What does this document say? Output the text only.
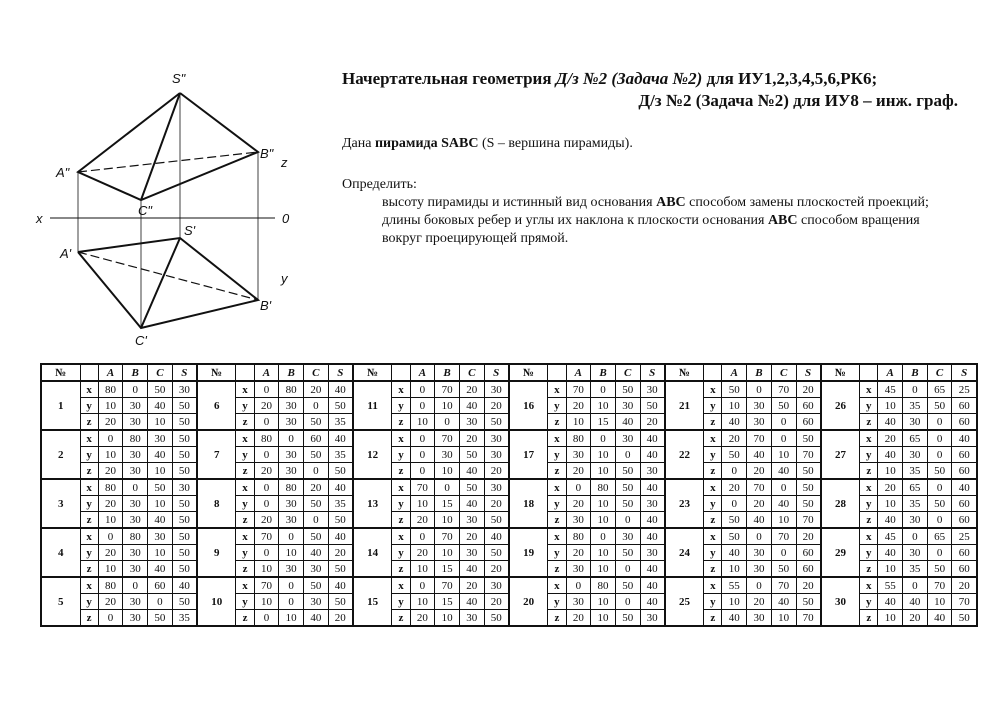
S"
A"
B"
C"
S'
A'
B'
C'
x	0
z
y
Начертательная геометрия Д/з №2 (Задача №2) для ИУ1,2,3,4,5,6,РК6;
Д/з №2 (Задача №2) для ИУ8 – инж. граф.
Дана пирамида SABC (S – вершина пирамиды).
Определить:
высоту пирамиды и истинный вид основания ABC способом замены плоскостей проекций;
длины боковых ребер и углы их наклона к плоскости основания ABC способом вращения вокруг проецирующей прямой.
№		A	B	C	S	№		A	B	C	S	№		A	B	C	S	№		A	B	C	S	№		A	B	C	S	№		A	B	C	S
1	x	80	0	50	30	6	x	0	80	20	40	11	x	0	70	20	30	16	x	70	0	50	30	21	x	50	0	70	20	26	x	45	0	65	25
	y	10	30	40	50		y	20	30	0	50		y	0	10	40	20		y	20	10	30	50		y	10	30	50	60		y	10	35	50	60
	z	20	30	10	50		z	0	30	50	35		z	10	0	30	50		z	10	15	40	20		z	40	30	0	60		z	40	30	0	60
2	x	0	80	30	50	7	x	80	0	60	40	12	x	0	70	20	30	17	x	80	0	30	40	22	x	20	70	0	50	27	x	20	65	0	40
	y	10	30	40	50		y	0	30	50	35		y	0	30	50	30		y	30	10	0	40		y	50	40	10	70		y	40	30	0	60
	z	20	30	10	50		z	20	30	0	50		z	0	10	40	20		z	20	10	50	30		z	0	20	40	50		z	10	35	50	60
3	x	80	0	50	30	8	x	0	80	20	40	13	x	70	0	50	30	18	x	0	80	50	40	23	x	20	70	0	50	28	x	20	65	0	40
	y	20	30	10	50		y	0	30	50	35		y	10	15	40	20		y	20	10	50	30		y	0	20	40	50		y	10	35	50	60
	z	10	30	40	50		z	20	30	0	50		z	20	10	30	50		z	30	10	0	40		z	50	40	10	70		z	40	30	0	60
4	x	0	80	30	50	9	x	70	0	50	40	14	x	0	70	20	40	19	x	80	0	30	40	24	x	50	0	70	20	29	x	45	0	65	25
	y	20	30	10	50		y	0	10	40	20		y	20	10	30	50		y	20	10	50	30		y	40	30	0	60		y	40	30	0	60
	z	10	30	40	50		z	10	30	30	50		z	10	15	40	20		z	30	10	0	40		z	10	30	50	60		z	10	35	50	60
5	x	80	0	60	40	10	x	70	0	50	40	15	x	0	70	20	30	20	x	0	80	50	40	25	x	55	0	70	20	30	x	55	0	70	20
	y	20	30	0	50		y	10	0	30	50		y	10	15	40	20		y	30	10	0	40		y	10	20	40	50		y	40	40	10	70
	z	0	30	50	35		z	0	10	40	20		z	20	10	30	50		z	20	10	50	30		z	40	30	10	70		z	10	20	40	50
